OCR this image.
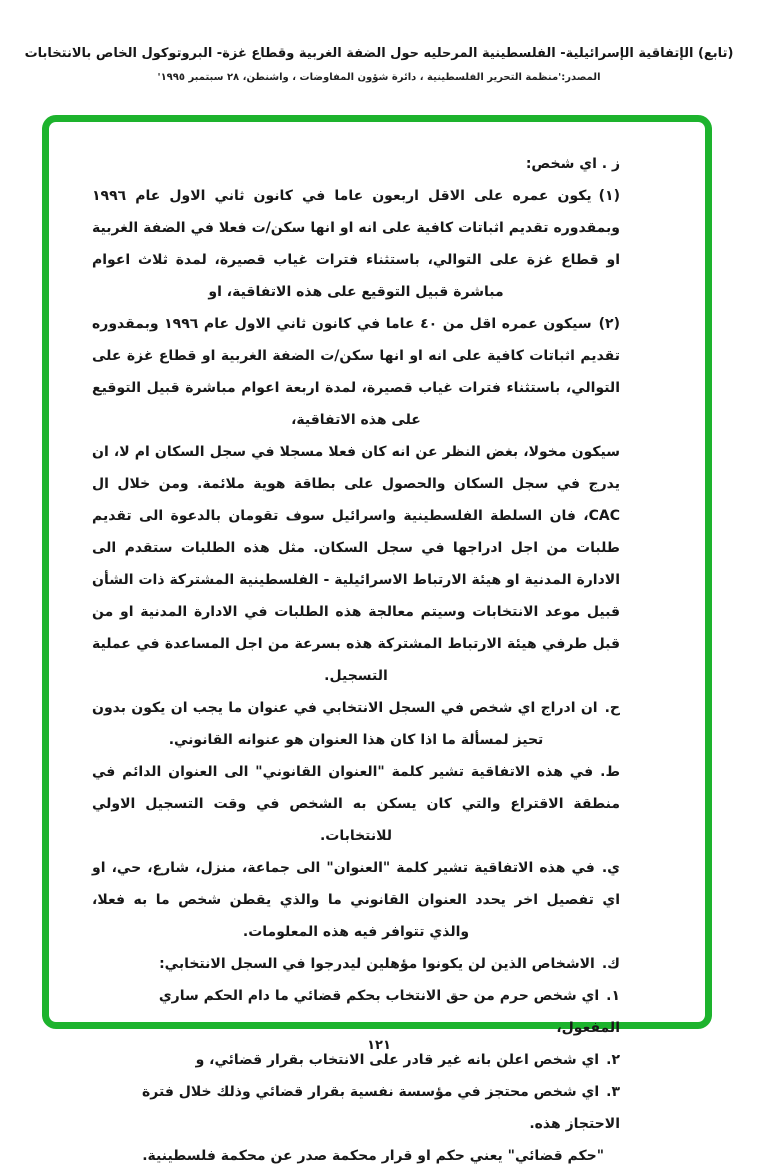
(تابع) الإتفاقية الإسرائيلية- الفلسطينية المرحليه حول الضفة الغربية وقطاع غزة- البروتوكول الخاص بالانتخابات
المصدر:'منظمة التحرير الفلسطينية ، دائرة شؤون المفاوضات ، واشنطن، ٢٨ سبتمبر ١٩٩٥'

ز . اي شخص:

(١)يكون عمره على الاقل اربعون عاما في كانون ثاني الاول عام ١٩٩٦ وبمقدوره تقديم اثباتات كافية على انه او انها سكن/ت فعلا في الضفة الغربية او قطاع غزة على التوالي، باستثناء فترات غياب قصيرة، لمدة ثلاث اعوام مباشرة قبيل التوقيع على هذه الاتفاقية، او

(٢)سيكون عمره اقل من ٤٠ عاما في كانون ثاني الاول عام ١٩٩٦ وبمقدوره تقديم اثباتات كافية على انه او انها سكن/ت الضفة الغربية او قطاع غزة على التوالي، باستثناء فترات غياب قصيرة، لمدة اربعة اعوام مباشرة قبيل التوقيع على هذه الاتفاقية،

سيكون مخولا، بغض النظر عن انه كان فعلا مسجلا في سجل السكان ام لا، ان يدرج في سجل السكان والحصول على بطاقة هوية ملائمة. ومن خلال ال CAC، فان السلطة الفلسطينية واسرائيل سوف تقومان بالدعوة الى تقديم طلبات من اجل ادراجها في سجل السكان. مثل هذه الطلبات ستقدم الى الادارة المدنية او هيئة الارتباط الاسرائيلية - الفلسطينية المشتركة ذات الشأن قبيل موعد الانتخابات وسيتم معالجة هذه الطلبات في الادارة المدنية او من قبل طرفي هيئة الارتباط المشتركة هذه بسرعة من اجل المساعدة في عملية التسجيل.

ح.ان ادراج اي شخص في السجل الانتخابي في عنوان ما يجب ان يكون بدون تحيز لمسألة ما اذا كان هذا العنوان هو عنوانه القانوني.

ط.في هذه الاتفاقية تشير كلمة "العنوان القانوني" الى العنوان الدائم في منطقة الاقتراع والتي كان يسكن به الشخص في وقت التسجيل الاولي للانتخابات.

ي.في هذه الاتفاقية تشير كلمة "العنوان" الى جماعة، منزل، شارع، حي، او اي تفصيل اخر يحدد العنوان القانوني ما والذي يقطن شخص ما به فعلا، والذي تتوافر فيه هذه المعلومات.

ك.الاشخاص الذين لن يكونوا مؤهلين ليدرجوا في السجل الانتخابي:

١.اي شخص حرم من حق الانتخاب بحكم قضائي ما دام الحكم ساري المفعول،

٢.اي شخص اعلن بانه غير قادر على الانتخاب بقرار قضائي، و

٣.اي شخص محتجز في مؤسسة نفسية بقرار قضائي وذلك خلال فترة الاحتجاز هذه.

"حكم قضائي" يعني حكم او قرار محكمة صدر عن محكمة فلسطينية.

١٢١
